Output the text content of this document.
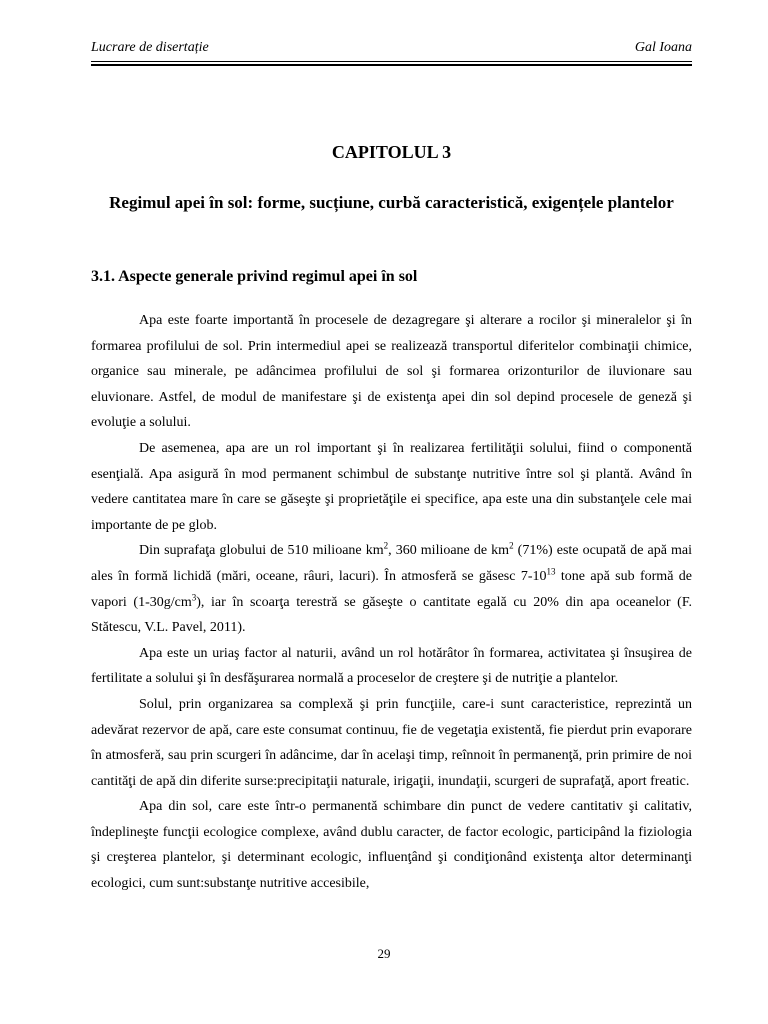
Lucrare de disertație	Gal Ioana
CAPITOLUL 3
Regimul apei în sol: forme, sucțiune, curbă caracteristică, exigențele plantelor
3.1. Aspecte generale privind regimul apei în sol

Apa este foarte importantă în procesele de dezagregare şi alterare a rocilor şi mineralelor şi în formarea profilului de sol. Prin intermediul apei se realizează transportul diferitelor combinaţii chimice, organice sau minerale, pe adâncimea profilului de sol şi formarea orizonturilor de iluvionare sau eluvionare. Astfel, de modul de manifestare şi de existenţa apei din sol depind procesele de geneză şi evoluţie a solului.

De asemenea, apa are un rol important şi în realizarea fertilităţii solului, fiind o componentă esenţială. Apa asigură în mod permanent schimbul de substanţe nutritive între sol şi plantă. Având în vedere cantitatea mare în care se găseşte şi proprietăţile ei specifice, apa este una din substanţele cele mai importante de pe glob.

Din suprafaţa globului de 510 milioane $km^2$, 360 milioane de $km^2$ (71%) este ocupată de apă mai ales în formă lichidă (mări, oceane, râuri, lacuri). În atmosferă se găsesc $7-10^{13}$ tone apă sub formă de vapori $(1-30g/cm^3)$, iar în scoarţa terestră se găseşte o cantitate egală cu 20% din apa oceanelor (F. Stătescu, V.L. Pavel, 2011).

Apa este un uriaş factor al naturii, având un rol hotărâtor în formarea, activitatea şi însuşirea de fertilitate a solului şi în desfăşurarea normală a proceselor de creştere şi de nutriţie a plantelor.

Solul, prin organizarea sa complexă şi prin funcţiile, care-i sunt caracteristice, reprezintă un adevărat rezervor de apă, care este consumat continuu, fie de vegetaţia existentă, fie pierdut prin evaporare în atmosferă, sau prin scurgeri în adâncime, dar în acelaşi timp, reînnoit în permanenţă, prin primire de noi cantităţi de apă din diferite surse:precipitaţii naturale, irigaţii, inundaţii, scurgeri de suprafaţă, aport freatic.

Apa din sol, care este într-o permanentă schimbare din punct de vedere cantitativ şi calitativ, îndeplineşte funcţii ecologice complexe, având dublu caracter, de factor ecologic, participând la fiziologia şi creşterea plantelor, şi determinant ecologic, influenţând şi condiţionând existenţa altor determinanţi ecologici, cum sunt:substanţe nutritive accesibile,

29
